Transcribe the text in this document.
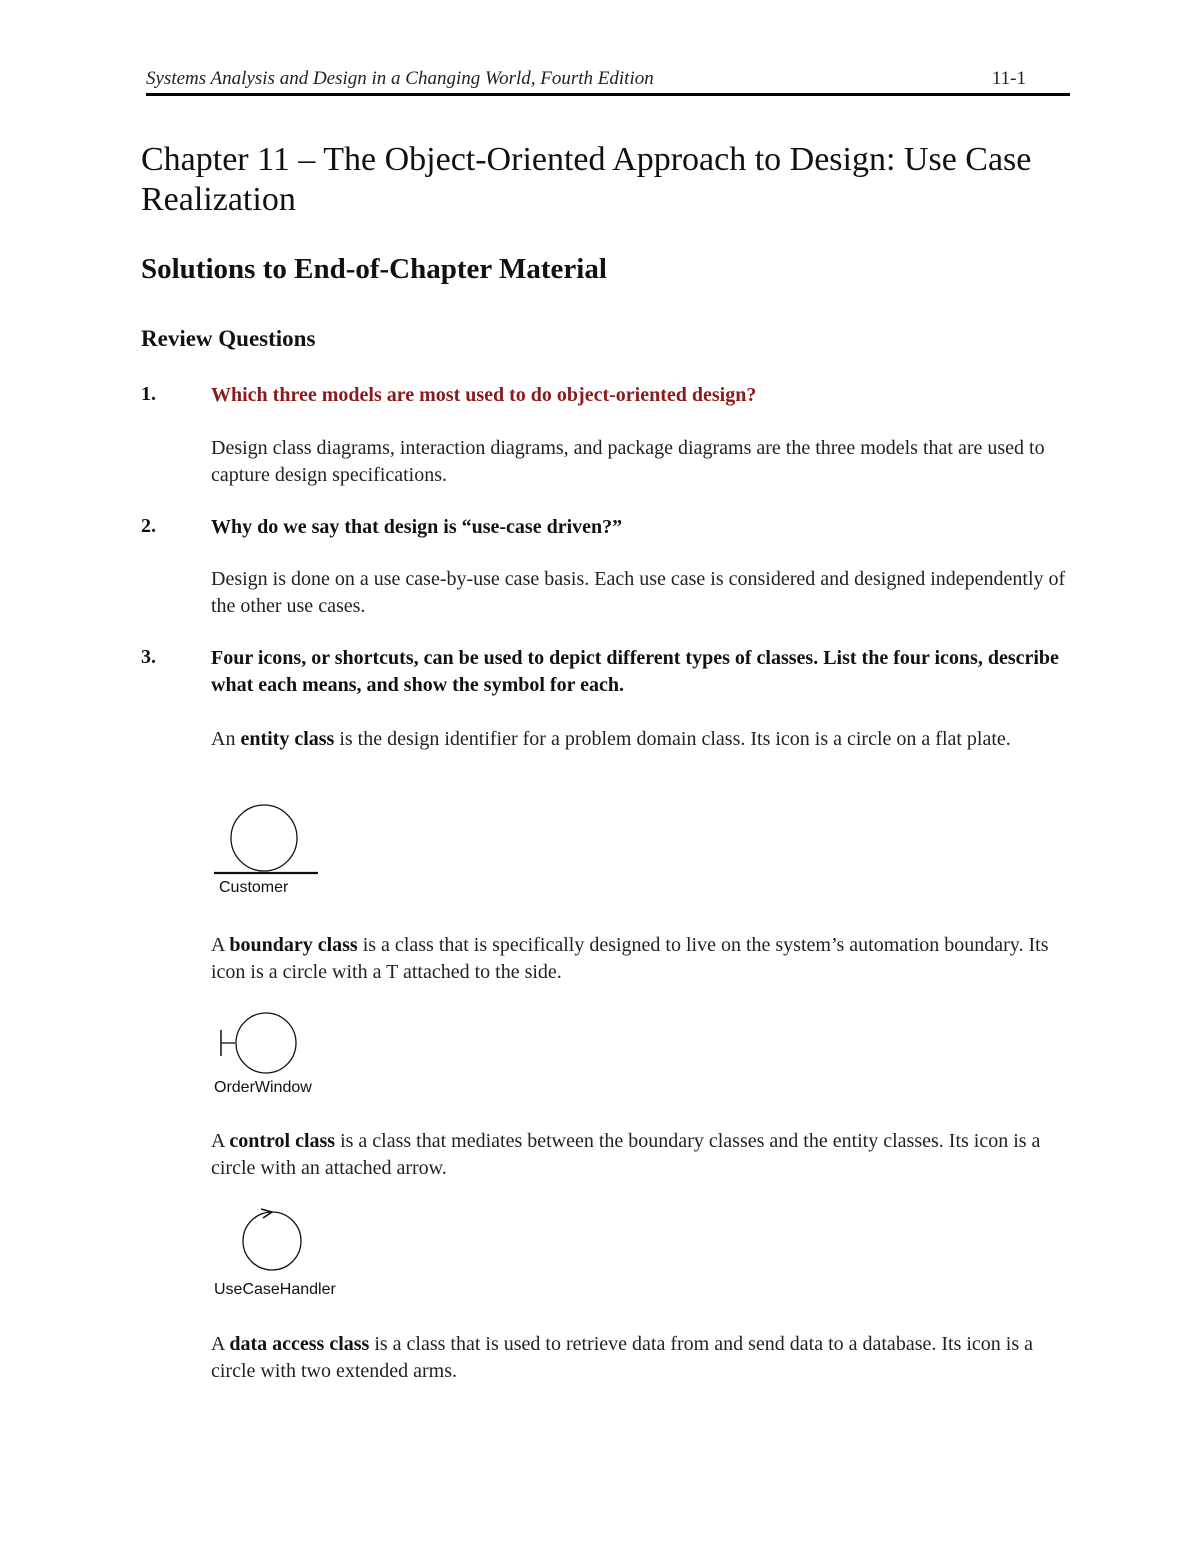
Systems Analysis and Design in a Changing World, Fourth Edition	11-1
Chapter 11 – The Object-Oriented Approach to Design: Use Case Realization
Solutions to End-of-Chapter Material
Review Questions
1.	Which three models are most used to do object-oriented design?
Design class diagrams, interaction diagrams, and package diagrams are the three models that are used to capture design specifications.
2.	Why do we say that design is “use-case driven?”
Design is done on a use case-by-use case basis. Each use case is considered and designed independently of the other use cases.
3.	Four icons, or shortcuts, can be used to depict different types of classes. List the four icons, describe what each means, and show the symbol for each.
An entity class is the design identifier for a problem domain class. Its icon is a circle on a flat plate.
Customer
A boundary class is a class that is specifically designed to live on the system’s automation boundary. Its icon is a circle with a T attached to the side.
OrderWindow
A control class is a class that mediates between the boundary classes and the entity classes. Its icon is a circle with an attached arrow.
UseCaseHandler
A data access class is a class that is used to retrieve data from and send data to a database. Its icon is a circle with two extended arms.
